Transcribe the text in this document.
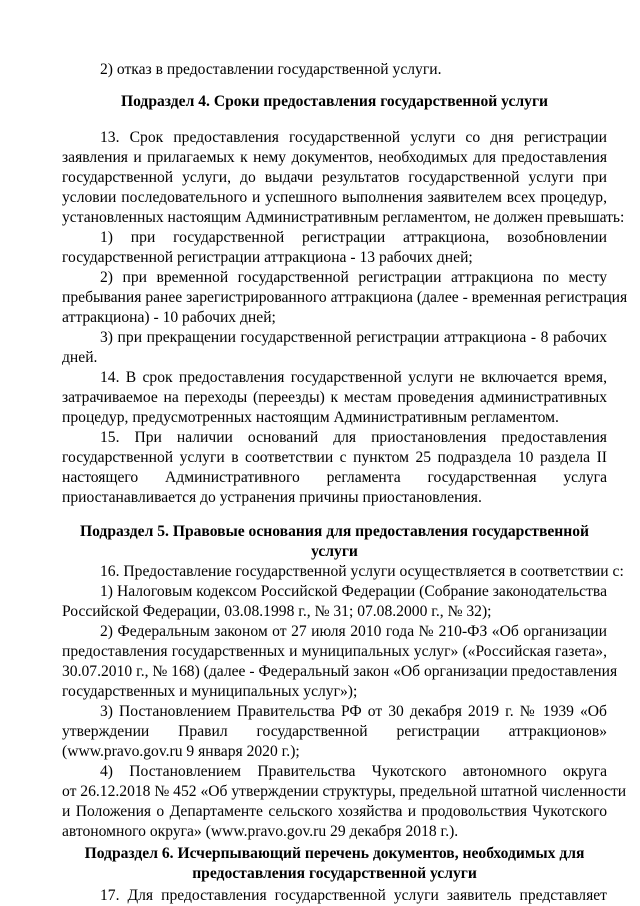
2) отказ в предоставлении государственной услуги.

Подраздел 4. Сроки предоставления государственной услуги

13. Срок предоставления государственной услуги со дня регистрации

заявления и прилагаемых к нему документов, необходимых для предоставления

государственной услуги, до выдачи результатов государственной услуги при

условии последовательного и успешного выполнения заявителем всех процедур,

установленных настоящим Административным регламентом, не должен превышать:

1) при государственной регистрации аттракциона, возобновлении

государственной регистрации аттракциона - 13 рабочих дней;

2) при временной государственной регистрации аттракциона по месту

пребывания ранее зарегистрированного аттракциона (далее - временная регистрация

аттракциона) - 10 рабочих дней;

3) при прекращении государственной регистрации аттракциона - 8 рабочих

дней.

14. В срок предоставления государственной услуги не включается время,

затрачиваемое на переходы (переезды) к местам проведения административных

процедур, предусмотренных настоящим Административным регламентом.

15. При наличии оснований для приостановления предоставления

государственной услуги в соответствии с пунктом 25 подраздела 10 раздела II

настоящего Административного регламента государственная услуга

приостанавливается до устранения причины приостановления.

Подраздел 5. Правовые основания для предоставления государственной

услуги

16. Предоставление государственной услуги осуществляется в соответствии с:

1) Налоговым кодексом Российской Федерации (Собрание законодательства

Российской Федерации, 03.08.1998 г., № 31; 07.08.2000 г., № 32);

2) Федеральным законом от 27 июля 2010 года № 210-ФЗ «Об организации

предоставления государственных и муниципальных услуг» («Российская газета»,

30.07.2010 г., № 168) (далее - Федеральный закон «Об организации предоставления

государственных и муниципальных услуг»);

3) Постановлением Правительства РФ от 30 декабря 2019 г. № 1939 «Об

утверждении Правил государственной регистрации аттракционов»

(www.pravo.gov.ru 9 января 2020 г.);

4) Постановлением Правительства Чукотского автономного округа

от 26.12.2018 № 452 «Об утверждении структуры, предельной штатной численности

и Положения о Департаменте сельского хозяйства и продовольствия Чукотского

автономного округа» (www.pravo.gov.ru 29 декабря 2018 г.).

Подраздел 6. Исчерпывающий перечень документов, необходимых для

предоставления государственной услуги

17. Для предоставления государственной услуги заявитель представляет
